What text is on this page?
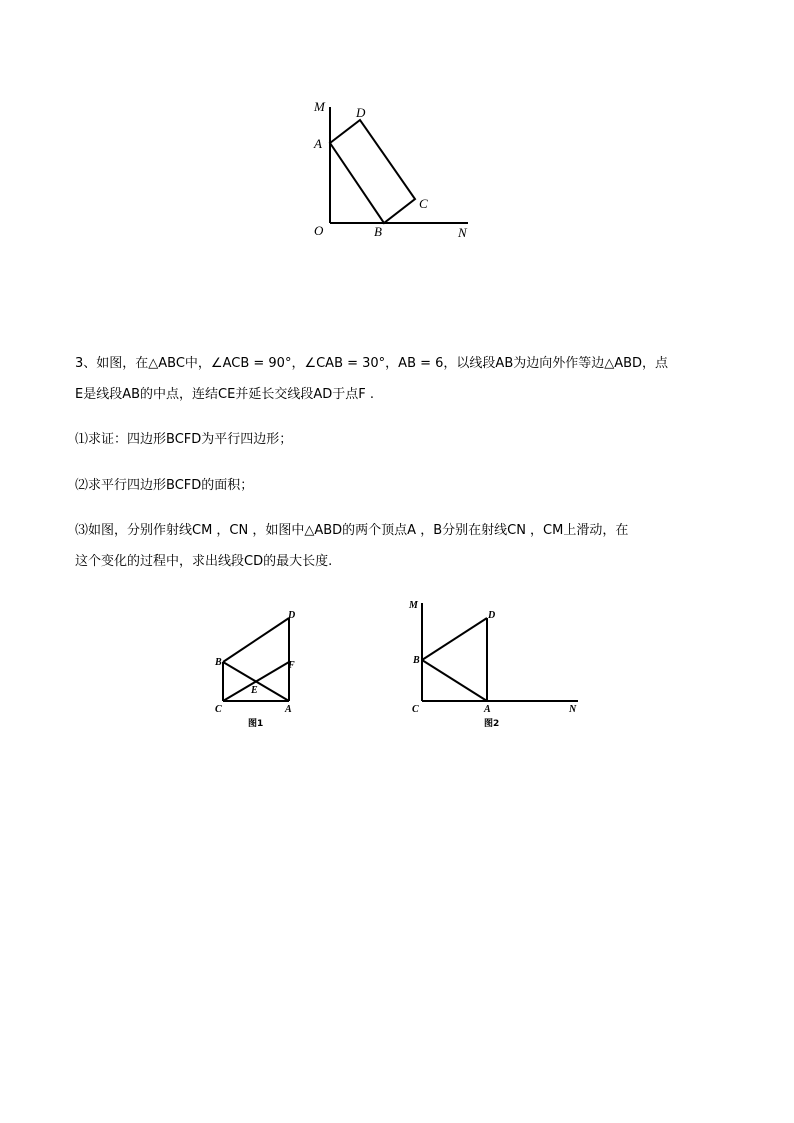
M D
A
C
O	B	N
3、如图，在△ABC中，∠ACB = 90°，∠CAB = 30°，AB = 6，以线段AB为边向外作等边△ABD，点
E是线段AB的中点，连结CE并延长交线段AD于点F .
⑴求证：四边形BCFD为平行四边形；
⑵求平行四边形BCFD的面积；
⑶如图，分别作射线CM ，CN ，如图中△ABD的两个顶点A ，B分别在射线CN ，CM上滑动，在
这个变化的过程中，求出线段CD的最大长度.
D
B	F
E
C	A
图1
M
D
B
C	A	N
图2
